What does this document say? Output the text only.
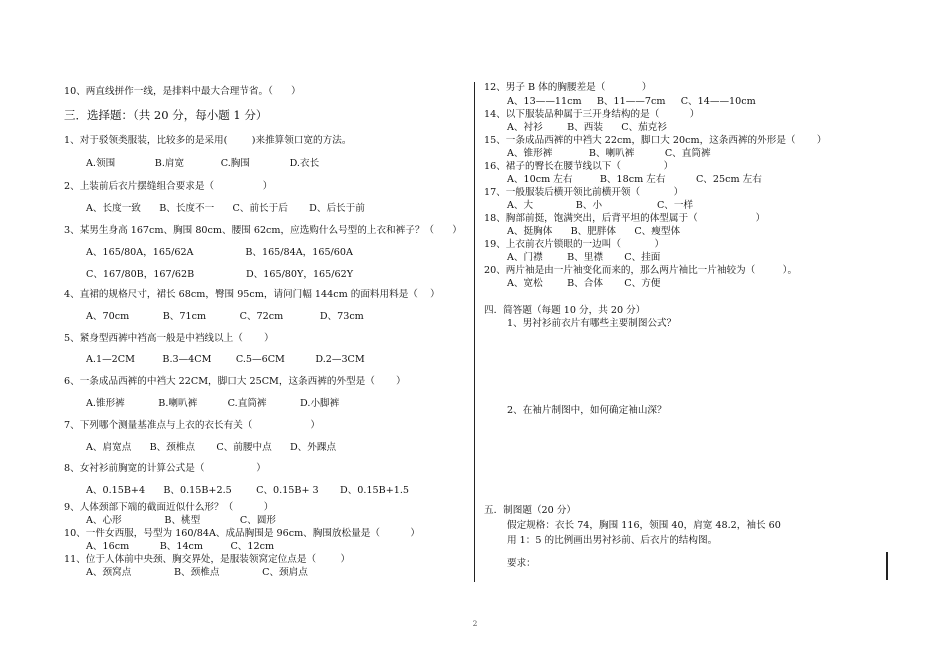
10、两直线拼作一线，是排料中最大合理节省。（      ）
三．选择题：（共 20 分，每小题 1 分）
1、对于驳领类服装，比较多的是采用(        )来推算领口宽的方法。
A.领围             B.肩宽            C.胸围             D.衣长
2、上装前后衣片摆缝组合要求是（                ）
A、长度一致      B、长度不一      C、前长于后       D、后长于前
3、某男生身高 167cm、胸围 80cm、腰围 62cm，应选购什么号型的上衣和裤子？（      ）
A、165/80A，165/62A                 B、165/84A，165/60A
C、167/80B，167/62B                 D、165/80Y，165/62Y
4、直裙的规格尺寸，裙长 68cm，臀围 95cm，请问门幅 144cm 的面料用料是（    ）
A、70cm           B、71cm           C、72cm            D、73cm
5、紧身型西裤中裆高一般是中裆线以上（       ）
A.1—2CM         B.3—4CM        C.5—6CM          D.2—3CM
6、一条成品西裤的中裆大 22CM，脚口大 25CM，这条西裤的外型是（       ）
A.锥形裤           B.喇叭裤          C.直筒裤           D.小脚裤
7、下列哪个测量基准点与上衣的衣长有关（                   ）
A、肩宽点      B、颈椎点       C、前腰中点      D、外踝点
8、女衬衫前胸宽的计算公式是（                 ）
A、0.15B+4      B、0.15B+2.5        C、0.15B+ 3       D、0.15B+1.5
9、人体颈部下端的截面近似什么形？（          ）
A、心形              B、桃型             C、圆形
10、一件女西服，号型为 160/84A、成品胸围是 96cm、胸围放松量是（          ）
A、16cm          B、14cm         C、12cm
11、位于人体前中央颈、胸交界处，是服装领窝定位点是（        ）
A、颈窝点              B、颈椎点              C、颈肩点
12、男子 B 体的胸腰差是（            ）
A、13——11cm     B、11——7cm     C、14——10cm
14、以下服装品种属于三开身结构的是（          ）
A、衬衫        B、西装      C、茄克衫
15、一条成品西裤的中裆大 22cm，脚口大 20cm，这条西裤的外形是（       ）
A、锥形裤            B、喇叭裤          C、直筒裤
16、裙子的臀长在腰节线以下（              ）
A、10cm 左右         B、18cm 左右          C、25cm 左右
17、一般服装后横开领比前横开领（           ）
A、大              B、小                  C、一样
18、胸部前挺，饱满突出，后背平坦的体型属于（                   ）
A、挺胸体      B、肥胖体      C、瘦型体
19、上衣前衣片锁眼的一边叫（           ）
A、门襟        B、里襟       C、挂面
20、两片袖是由一片袖变化而来的，那么两片袖比一片袖较为（         ）。
A、宽松        B、合体       C、方便
四．简答题（每题 10 分，共 20 分）
1、男衬衫前衣片有哪些主要制图公式？
2、在袖片制图中，如何确定袖山深？
五．制图题（20 分）
假定规格：衣长 74，胸围 116，领围 40，肩宽 48.2，袖长 60
用 1：5 的比例画出男衬衫前、后衣片的结构图。
要求：
2
